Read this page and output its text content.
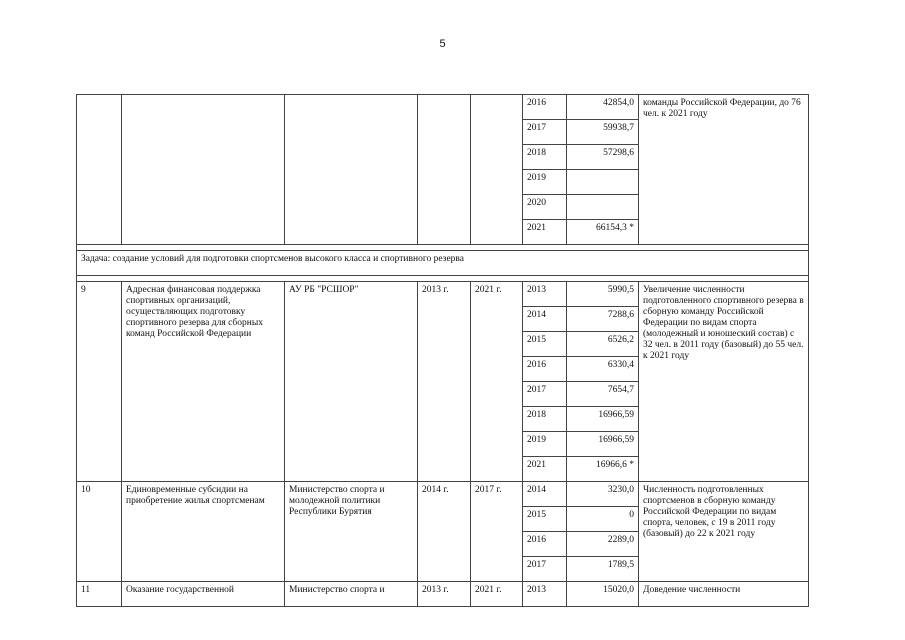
5
					2016	42854,0	команды Российской Федерации, до 76 чел. к 2021 году
					2017	59938,7	
					2018	57298,6	
					2019		
					2020		
					2021	66154,3 *	

Задача: создание условий для подготовки спортсменов высокого класса и спортивного резерва							

9	Адресная финансовая поддержка спортивных организаций, осуществляющих подготовку спортивного резерва для сборных команд Российской Федерации	АУ РБ "РСШОР"	2013 г.	2021 г.	2013	5990,5	Увеличение численности подготовленного спортивного резерва в сборную команду Российской Федерации по видам спорта (молодежный и юношеский состав) с 32 чел. в 2011 году (базовый) до 55 чел. к 2021 году
					2014	7288,6	
					2015	6526,2	
					2016	6330,4	
					2017	7654,7	
					2018	16966,59	
					2019	16966,59	
					2021	16966,6 *	
10	Единовременные субсидии на приобретение жилья спортсменам	Министерство спорта и молодежной политики Республики Бурятия	2014 г.	2017 г.	2014	3230,0	Численность подготовленных спортсменов в сборную команду Российской Федерации по видам спорта, человек, с 19 в 2011 году (базовый) до 22 к 2021 году
					2015	0	
					2016	2289,0	
					2017	1789,5	
11	Оказание государственной	Министерство спорта и	2013 г.	2021 г.	2013	15020,0	Доведение численности
